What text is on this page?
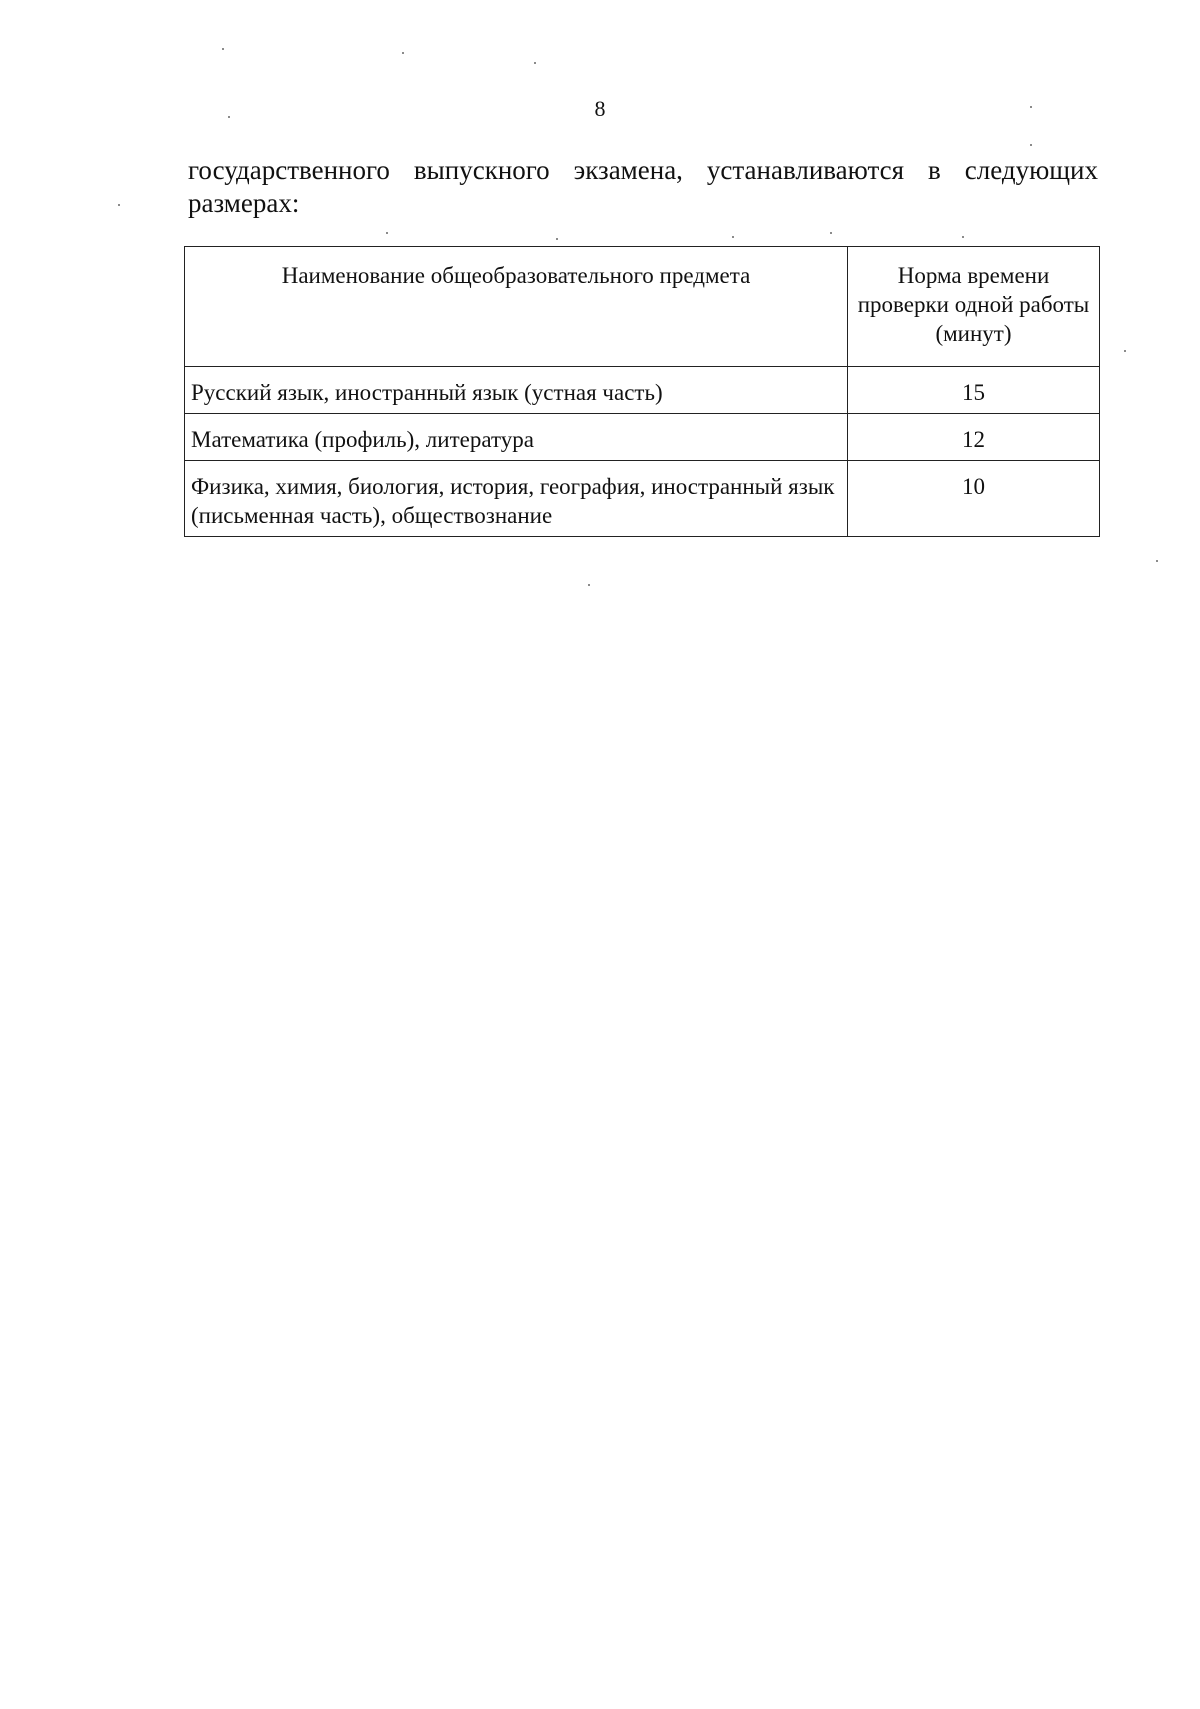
8
государственного выпускного экзамена, устанавливаются в следующих
размерах:
Наименование общеобразовательного предмета	Норма времени проверки одной работы (минут)
Русский язык, иностранный язык (устная часть)	15
Математика (профиль), литература	12
Физика, химия, биология, история, география, иностранный язык (письменная часть), обществознание	10
